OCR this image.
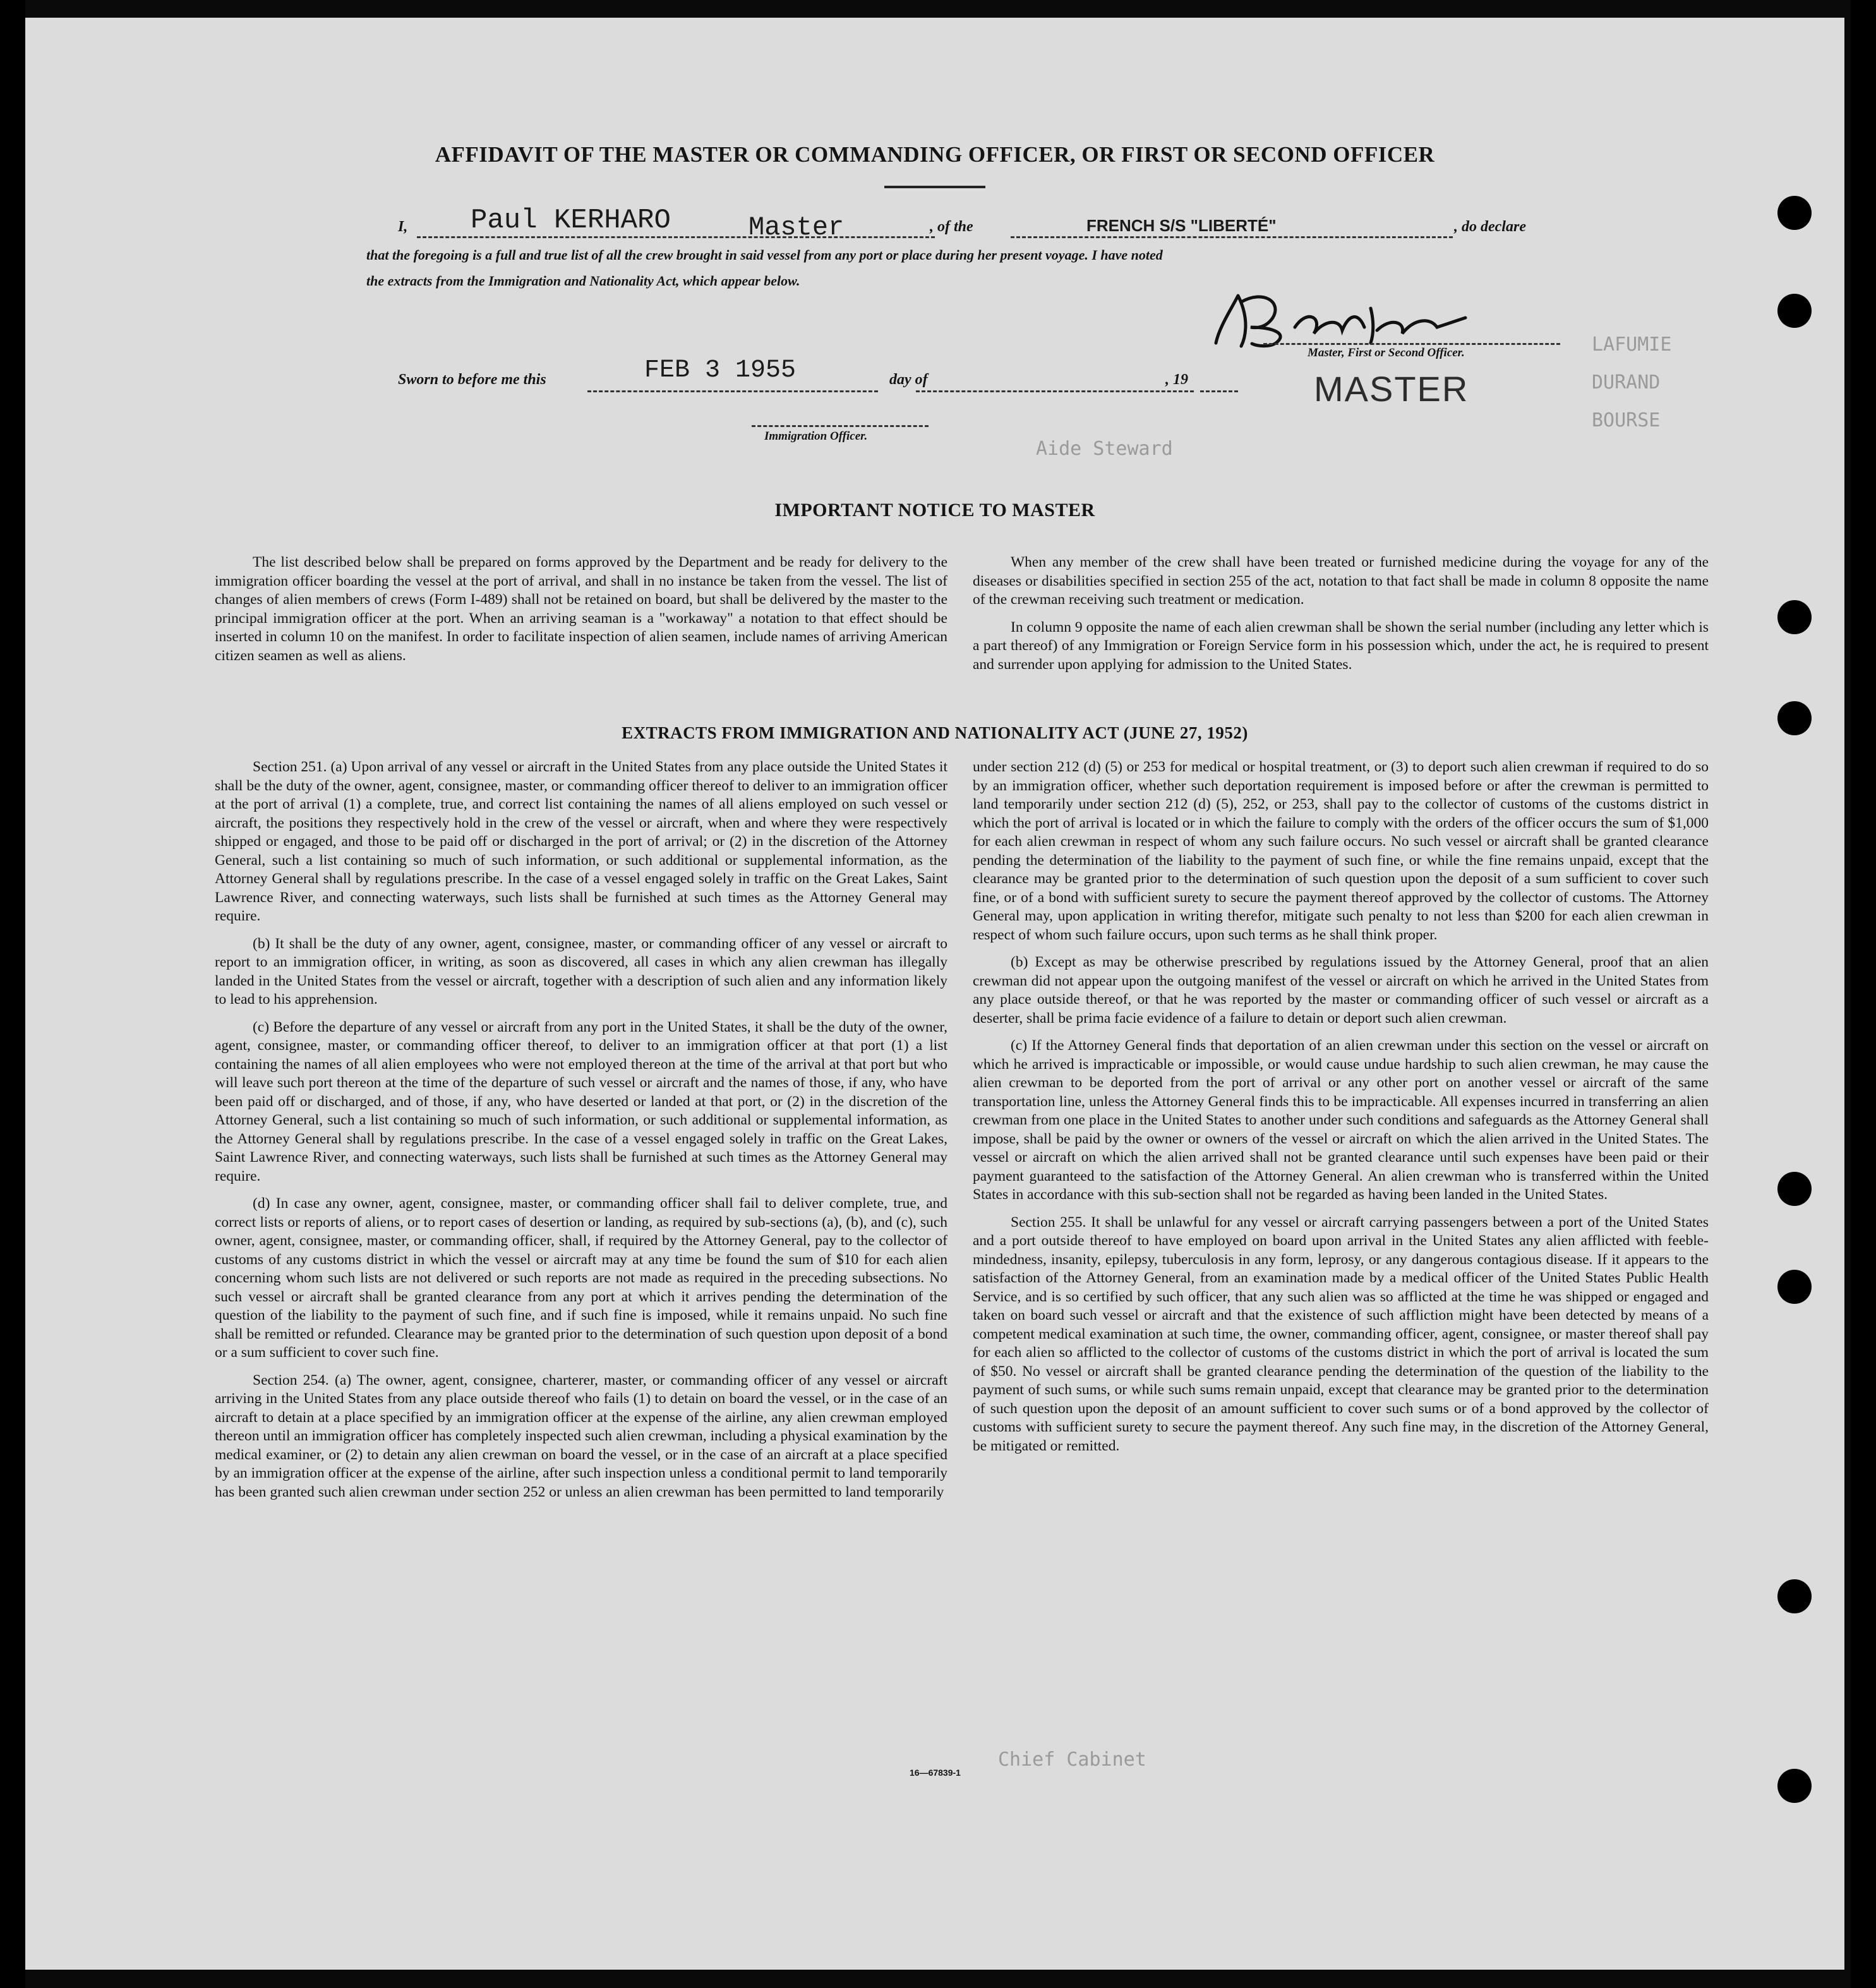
LAFUMIE
DURAND
BOURSE
Aide Steward
Chief Cabinet
AFFIDAVIT OF THE MASTER OR COMMANDING OFFICER, OR FIRST OR SECOND OFFICER
I, Paul KERHARO	Master	, of the	FRENCH S/S "LIBERTÉ"	, do declare
that the foregoing is a full and true list of all the crew brought in said vessel from any port or place during her present voyage. I have noted
the extracts from the Immigration and Nationality Act, which appear below.
Master, First or Second Officer.
MASTER
Sworn to before me this	FEB 3 1955	day of	, 19
Immigration Officer.
IMPORTANT NOTICE TO MASTER

The list described below shall be prepared on forms approved by the Department and be ready for delivery to the immigration officer boarding the vessel at the port of arrival, and shall in no instance be taken from the vessel. The list of changes of alien members of crews (Form I-489) shall not be retained on board, but shall be delivered by the master to the principal immigration officer at the port. When an arriving seaman is a "workaway" a notation to that effect should be inserted in column 10 on the manifest. In order to facilitate inspection of alien seamen, include names of arriving American citizen seamen as well as aliens.

When any member of the crew shall have been treated or furnished medicine during the voyage for any of the diseases or disabilities specified in section 255 of the act, notation to that fact shall be made in column 8 opposite the name of the crewman receiving such treatment or medication.

In column 9 opposite the name of each alien crewman shall be shown the serial number (including any letter which is a part thereof) of any Immigration or Foreign Service form in his possession which, under the act, he is required to present and surrender upon applying for admission to the United States.

EXTRACTS FROM IMMIGRATION AND NATIONALITY ACT (JUNE 27, 1952)

Section 251. (a) Upon arrival of any vessel or aircraft in the United States from any place outside the United States it shall be the duty of the owner, agent, consignee, master, or commanding officer thereof to deliver to an immigration officer at the port of arrival (1) a complete, true, and correct list containing the names of all aliens employed on such vessel or aircraft, the positions they respectively hold in the crew of the vessel or aircraft, when and where they were respectively shipped or engaged, and those to be paid off or discharged in the port of arrival; or (2) in the discretion of the Attorney General, such a list containing so much of such information, or such additional or supplemental information, as the Attorney General shall by regulations prescribe. In the case of a vessel engaged solely in traffic on the Great Lakes, Saint Lawrence River, and connecting waterways, such lists shall be furnished at such times as the Attorney General may require.

(b) It shall be the duty of any owner, agent, consignee, master, or commanding officer of any vessel or aircraft to report to an immigration officer, in writing, as soon as discovered, all cases in which any alien crewman has illegally landed in the United States from the vessel or aircraft, together with a description of such alien and any information likely to lead to his apprehension.

(c) Before the departure of any vessel or aircraft from any port in the United States, it shall be the duty of the owner, agent, consignee, master, or commanding officer thereof, to deliver to an immigration officer at that port (1) a list containing the names of all alien employees who were not employed thereon at the time of the arrival at that port but who will leave such port thereon at the time of the departure of such vessel or aircraft and the names of those, if any, who have been paid off or discharged, and of those, if any, who have deserted or landed at that port, or (2) in the discretion of the Attorney General, such a list containing so much of such information, or such additional or supplemental information, as the Attorney General shall by regulations prescribe. In the case of a vessel engaged solely in traffic on the Great Lakes, Saint Lawrence River, and connecting waterways, such lists shall be furnished at such times as the Attorney General may require.

(d) In case any owner, agent, consignee, master, or commanding officer shall fail to deliver complete, true, and correct lists or reports of aliens, or to report cases of desertion or landing, as required by sub-sections (a), (b), and (c), such owner, agent, consignee, master, or commanding officer, shall, if required by the Attorney General, pay to the collector of customs of any customs district in which the vessel or aircraft may at any time be found the sum of $10 for each alien concerning whom such lists are not delivered or such reports are not made as required in the preceding subsections. No such vessel or aircraft shall be granted clearance from any port at which it arrives pending the determination of the question of the liability to the payment of such fine, and if such fine is imposed, while it remains unpaid. No such fine shall be remitted or refunded. Clearance may be granted prior to the determination of such question upon deposit of a bond or a sum sufficient to cover such fine.

Section 254. (a) The owner, agent, consignee, charterer, master, or commanding officer of any vessel or aircraft arriving in the United States from any place outside thereof who fails (1) to detain on board the vessel, or in the case of an aircraft to detain at a place specified by an immigration officer at the expense of the airline, any alien crewman employed thereon until an immigration officer has completely inspected such alien crewman, including a physical examination by the medical examiner, or (2) to detain any alien crewman on board the vessel, or in the case of an aircraft at a place specified by an immigration officer at the expense of the airline, after such inspection unless a conditional permit to land temporarily has been granted such alien crewman under section 252 or unless an alien crewman has been permitted to land temporarily

under section 212 (d) (5) or 253 for medical or hospital treatment, or (3) to deport such alien crewman if required to do so by an immigration officer, whether such deportation requirement is imposed before or after the crewman is permitted to land temporarily under section 212 (d) (5), 252, or 253, shall pay to the collector of customs of the customs district in which the port of arrival is located or in which the failure to comply with the orders of the officer occurs the sum of $1,000 for each alien crewman in respect of whom any such failure occurs. No such vessel or aircraft shall be granted clearance pending the determination of the liability to the payment of such fine, or while the fine remains unpaid, except that the clearance may be granted prior to the determination of such question upon the deposit of a sum sufficient to cover such fine, or of a bond with sufficient surety to secure the payment thereof approved by the collector of customs. The Attorney General may, upon application in writing therefor, mitigate such penalty to not less than $200 for each alien crewman in respect of whom such failure occurs, upon such terms as he shall think proper.

(b) Except as may be otherwise prescribed by regulations issued by the Attorney General, proof that an alien crewman did not appear upon the outgoing manifest of the vessel or aircraft on which he arrived in the United States from any place outside thereof, or that he was reported by the master or commanding officer of such vessel or aircraft as a deserter, shall be prima facie evidence of a failure to detain or deport such alien crewman.

(c) If the Attorney General finds that deportation of an alien crewman under this section on the vessel or aircraft on which he arrived is impracticable or impossible, or would cause undue hardship to such alien crewman, he may cause the alien crewman to be deported from the port of arrival or any other port on another vessel or aircraft of the same transportation line, unless the Attorney General finds this to be impracticable. All expenses incurred in transferring an alien crewman from one place in the United States to another under such conditions and safeguards as the Attorney General shall impose, shall be paid by the owner or owners of the vessel or aircraft on which the alien arrived in the United States. The vessel or aircraft on which the alien arrived shall not be granted clearance until such expenses have been paid or their payment guaranteed to the satisfaction of the Attorney General. An alien crewman who is transferred within the United States in accordance with this sub-section shall not be regarded as having been landed in the United States.

Section 255. It shall be unlawful for any vessel or aircraft carrying passengers between a port of the United States and a port outside thereof to have employed on board upon arrival in the United States any alien afflicted with feeble-mindedness, insanity, epilepsy, tuberculosis in any form, leprosy, or any dangerous contagious disease. If it appears to the satisfaction of the Attorney General, from an examination made by a medical officer of the United States Public Health Service, and is so certified by such officer, that any such alien was so afflicted at the time he was shipped or engaged and taken on board such vessel or aircraft and that the existence of such affliction might have been detected by means of a competent medical examination at such time, the owner, commanding officer, agent, consignee, or master thereof shall pay for each alien so afflicted to the collector of customs of the customs district in which the port of arrival is located the sum of $50. No vessel or aircraft shall be granted clearance pending the determination of the question of the liability to the payment of such sums, or while such sums remain unpaid, except that clearance may be granted prior to the determination of such question upon the deposit of an amount sufficient to cover such sums or of a bond approved by the collector of customs with sufficient surety to secure the payment thereof. Any such fine may, in the discretion of the Attorney General, be mitigated or remitted.

16—67839-1
